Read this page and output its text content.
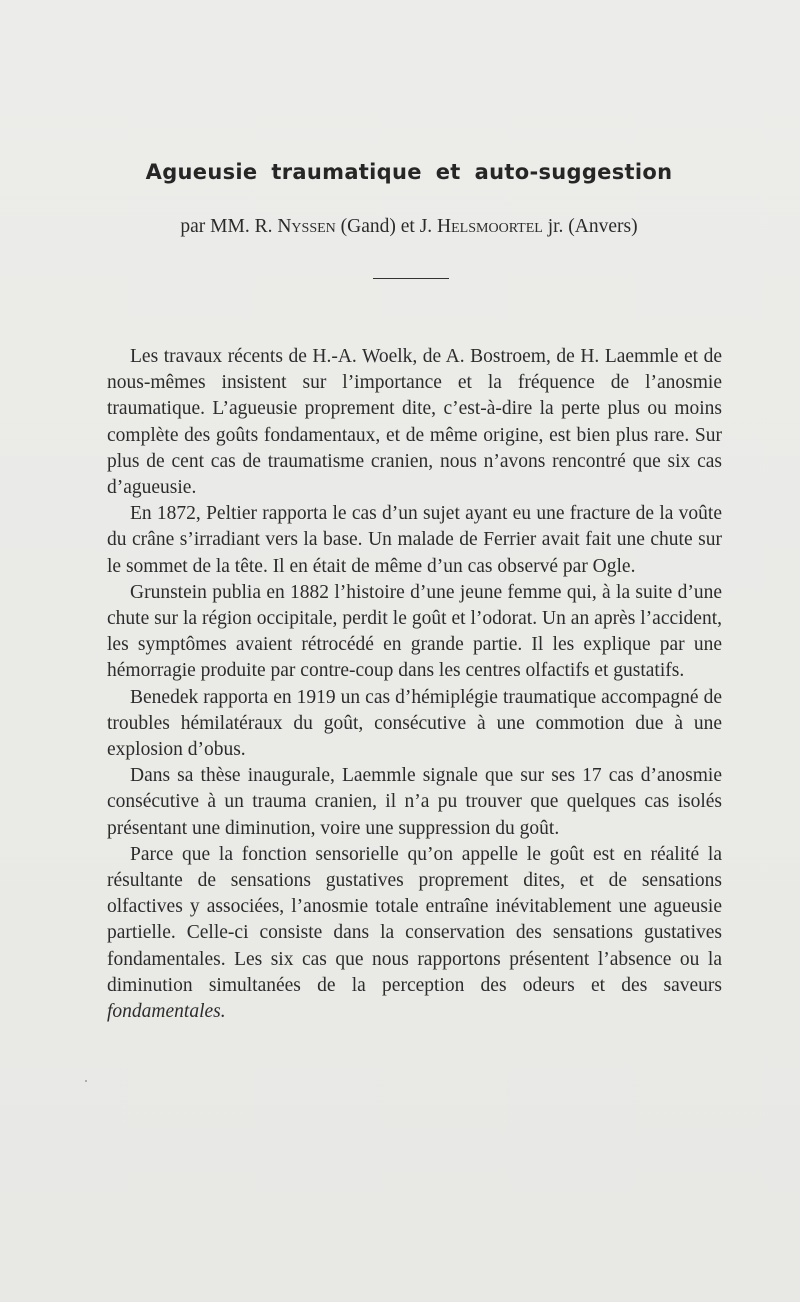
Agueusie traumatique et auto-suggestion
par MM. R. Nyssen (Gand) et J. Helsmoortel jr. (Anvers)

Les travaux récents de H.-A. Woelk, de A. Bostroem, de H. Laemmle et de nous-mêmes insistent sur l’importance et la fréquence de l’anosmie traumatique. L’agueusie proprement dite, c’est-à-dire la perte plus ou moins complète des goûts fondamentaux, et de même origine, est bien plus rare. Sur plus de cent cas de traumatisme cranien, nous n’avons rencontré que six cas d’agueusie.

En 1872, Peltier rapporta le cas d’un sujet ayant eu une fracture de la voûte du crâne s’irradiant vers la base. Un malade de Ferrier avait fait une chute sur le sommet de la tête. Il en était de même d’un cas observé par Ogle.

Grunstein publia en 1882 l’histoire d’une jeune femme qui, à la suite d’une chute sur la région occipitale, perdit le goût et l’odorat. Un an après l’accident, les symptômes avaient rétrocédé en grande partie. Il les explique par une hémorragie produite par contre-coup dans les centres olfactifs et gustatifs.

Benedek rapporta en 1919 un cas d’hémiplégie traumatique accompagné de troubles hémilatéraux du goût, consécutive à une commotion due à une explosion d’obus.

Dans sa thèse inaugurale, Laemmle signale que sur ses 17 cas d’anosmie consécutive à un trauma cranien, il n’a pu trouver que quelques cas isolés présentant une diminution, voire une suppression du goût.

Parce que la fonction sensorielle qu’on appelle le goût est en réalité la résultante de sensations gustatives proprement dites, et de sensations olfactives y associées, l’anosmie totale entraîne inévitablement une agueusie partielle. Celle-ci consiste dans la conservation des sensations gustatives fondamentales. Les six cas que nous rapportons présentent l’absence ou la diminution simultanées de la perception des odeurs et des saveurs fondamentales.
